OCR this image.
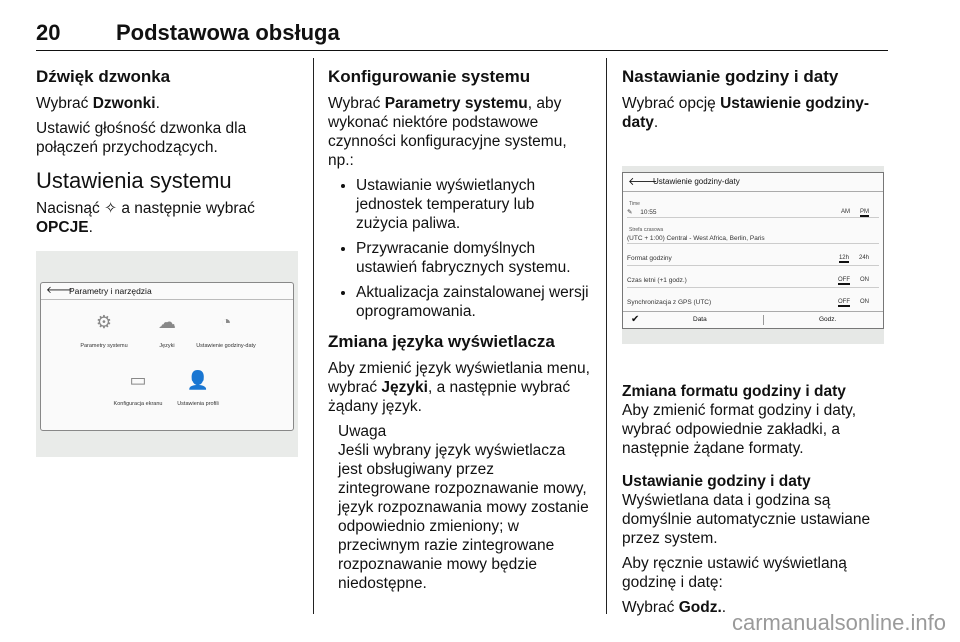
20	Podstawowa obsługa
Dźwięk dzwonka

Wybrać Dzwonki.

Ustawić głośność dzwonka dla połączeń przychodzących.

Ustawienia systemu

Nacisnąć ✧ a następnie wybrać
OPCJE.

🡐
Parametry i narzędzia
⚙
Parametry systemu
☁
Języki
◔
Ustawienie godziny-daty
▭
Konfiguracja ekranu
👤
Ustawienia profili
Konfigurowanie systemu

Wybrać Parametry systemu, aby wykonać niektóre podstawowe czynności konfiguracyjne systemu, np.:

• Ustawianie wyświetlanych jednostek temperatury lub zużycia paliwa.
• Przywracanie domyślnych ustawień fabrycznych systemu.
• Aktualizacja zainstalowanej wersji oprogramowania.
Zmiana języka wyświetlacza

Aby zmienić język wyświetlania menu, wybrać Języki, a następnie wybrać żądany język.

Uwaga
Jeśli wybrany język wyświetlacza jest obsługiwany przez zintegrowane rozpoznawanie mowy, język rozpoznawania mowy zostanie odpowiednio zmieniony; w przeciwnym razie zintegrowane rozpoznawanie mowy będzie niedostępne.
Nastawianie godziny i daty

Wybrać opcję Ustawienie godziny-daty.

🡐
Ustawienie godziny-daty
Time
✎ 10:55	AM PM
Strefa czasowa
(UTC + 1:00) Central - West Africa, Berlin, Paris
Format godziny	12h 24h
Czas letni (+1 godz.)	OFF ON
Synchronizacja z GPS (UTC)	OFF ON
✔	Data	Godz.
Zmiana formatu godziny i daty

Aby zmienić format godziny i daty, wybrać odpowiednie zakładki, a następnie żądane formaty.

Ustawianie godziny i daty

Wyświetlana data i godzina są domyślnie automatycznie ustawiane przez system.

Aby ręcznie ustawić wyświetlaną godzinę i datę:

Wybrać Godz..

carmanualsonline.info
